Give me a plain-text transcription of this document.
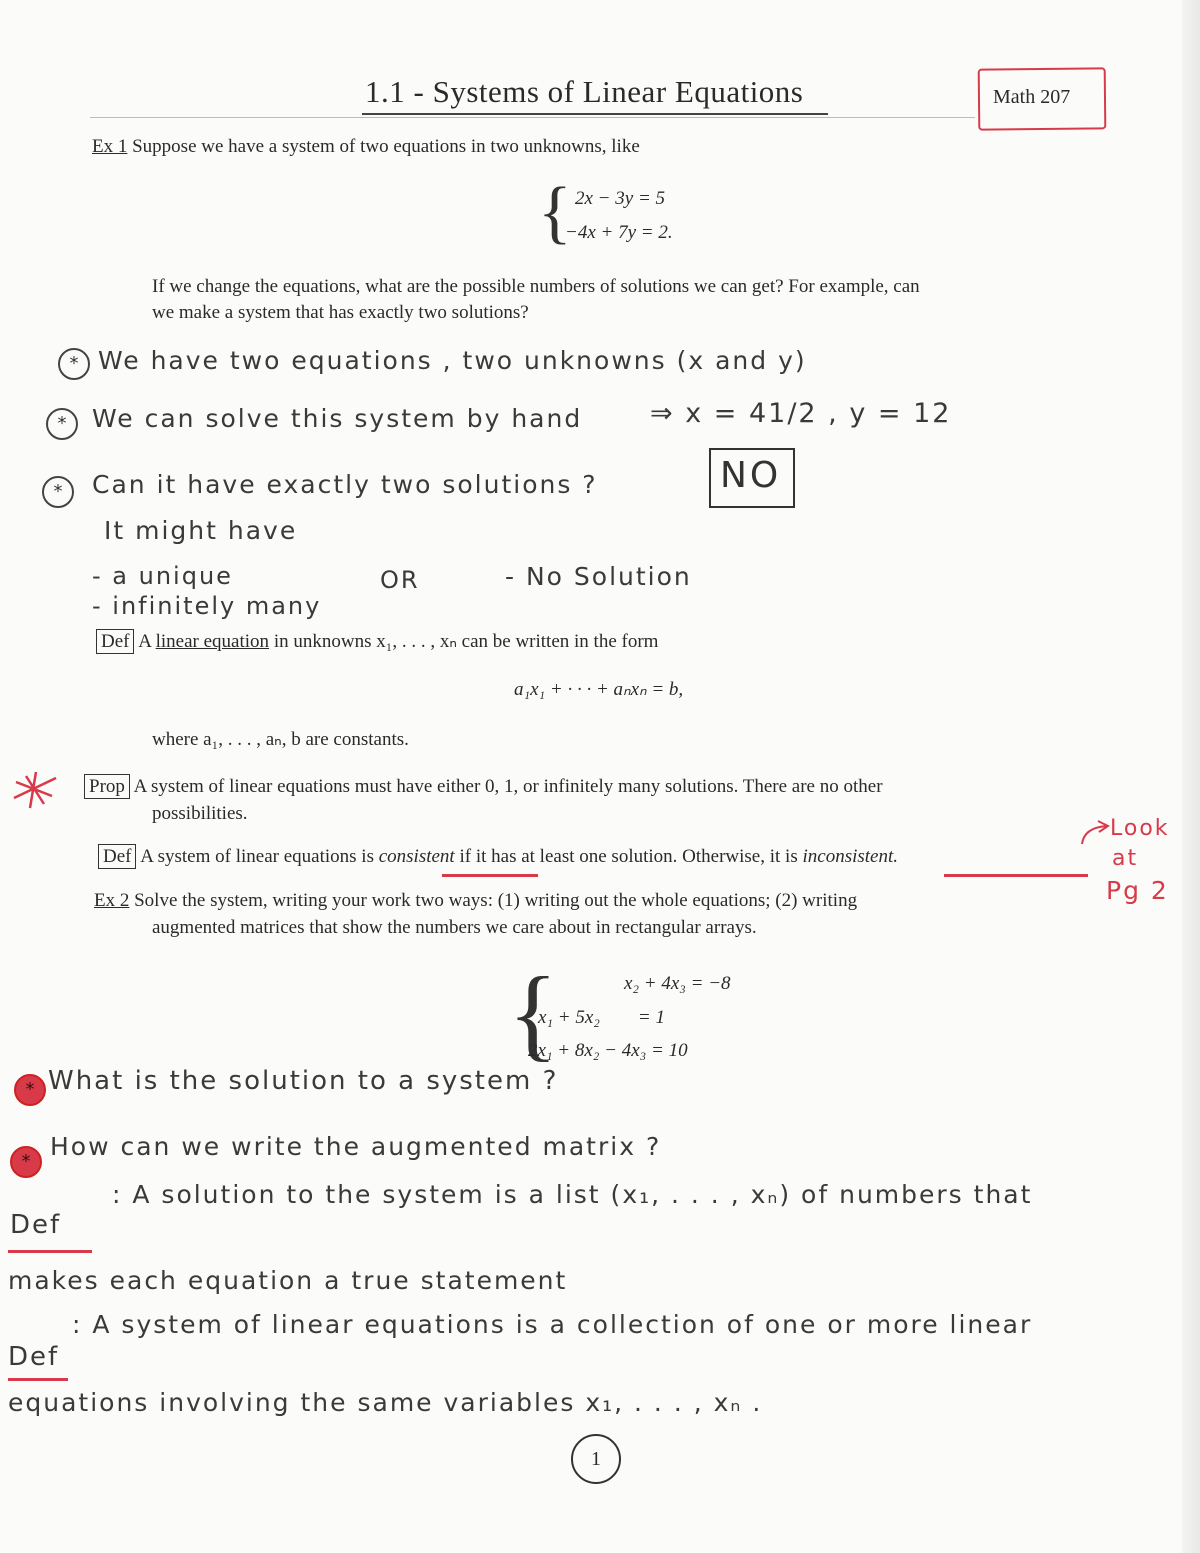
1.1 - Systems of Linear Equations	Math 207
Ex 1 Suppose we have a system of two equations in two unknowns, like
{ 2x − 3y = 5
−4x + 7y = 2.
If we change the equations, what are the possible numbers of solutions we can get? For example, can
we make a system that has exactly two solutions?
* We have two equations , two unknowns (x and y)
*	We can solve this system by hand	⇒ x = 41/2 , y = 12
*	Can it have exactly two solutions ?	NO
It might have
- a unique	OR	- No Solution
- infinitely many
Def A linear equation in unknowns x₁, . . . , xₙ can be written in the form
a₁x₁ + · · · + aₙxₙ = b,
where a₁, . . . , aₙ, b are constants.
Prop A system of linear equations must have either 0, 1, or infinitely many solutions. There are no other
possibilities.
Def A system of linear equations is consistent if it has at least one solution. Otherwise, it is inconsistent.
Look
at
Pg 2
Ex 2 Solve the system, writing your work two ways: (1) writing out the whole equations; (2) writing
augmented matrices that show the numbers we care about in rectangular arrays.
{	x₂ + 4x₃ = −8
x₁ + 5x₂        = 1
2x₁ + 8x₂ − 4x₃ = 10
* What is the solution to a system ?
*
How can we write the augmented matrix ?
Def
: A solution to the system is a list (x₁, . . . , xₙ) of numbers that
makes each equation a true statement
Def
: A system of linear equations is a collection of one or more linear
equations involving the same variables x₁, . . . , xₙ .
1
